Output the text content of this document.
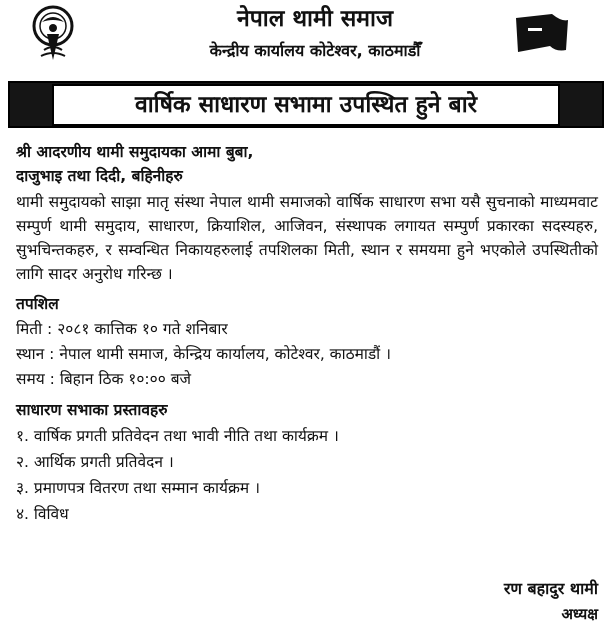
नेपाल थामी समाज
केन्द्रीय कार्यालय कोटेश्वर, काठमाडौँ
वार्षिक साधारण सभामा उपस्थित हुने बारे
श्री आदरणीय थामी समुदायका आमा बुबा,
दाजुभाइ तथा दिदी, बहिनीहरु
थामी समुदायको साझा मातृ संस्था नेपाल थामी समाजको वार्षिक साधारण सभा यसै सुचनाको माध्यमवाट सम्पुर्ण थामी समुदाय, साधारण, क्रियाशिल, आजिवन, संस्थापक लगायत सम्पुर्ण प्रकारका सदस्यहरु, सुभचिन्तकहरु, र सम्वन्धित निकायहरुलाई तपशिलका मिती, स्थान र समयमा हुने भएकोले उपस्थितीको लागि सादर अनुरोध गरिन्छ ।
तपशिल
मिती : २०८१ कात्तिक १० गते शनिबार
स्थान : नेपाल थामी समाज, केन्द्रिय कार्यालय, कोटेश्वर, काठमाडौं ।
समय : बिहान ठिक १०:०० बजे
साधारण सभाका प्रस्तावहरु
१. वार्षिक प्रगती प्रतिवेदन तथा भावी नीति तथा कार्यक्रम ।
२. आर्थिक प्रगती प्रतिवेदन ।
३. प्रमाणपत्र वितरण तथा सम्मान कार्यक्रम ।
४. विविध
रण बहादुर थामी
अध्यक्ष
